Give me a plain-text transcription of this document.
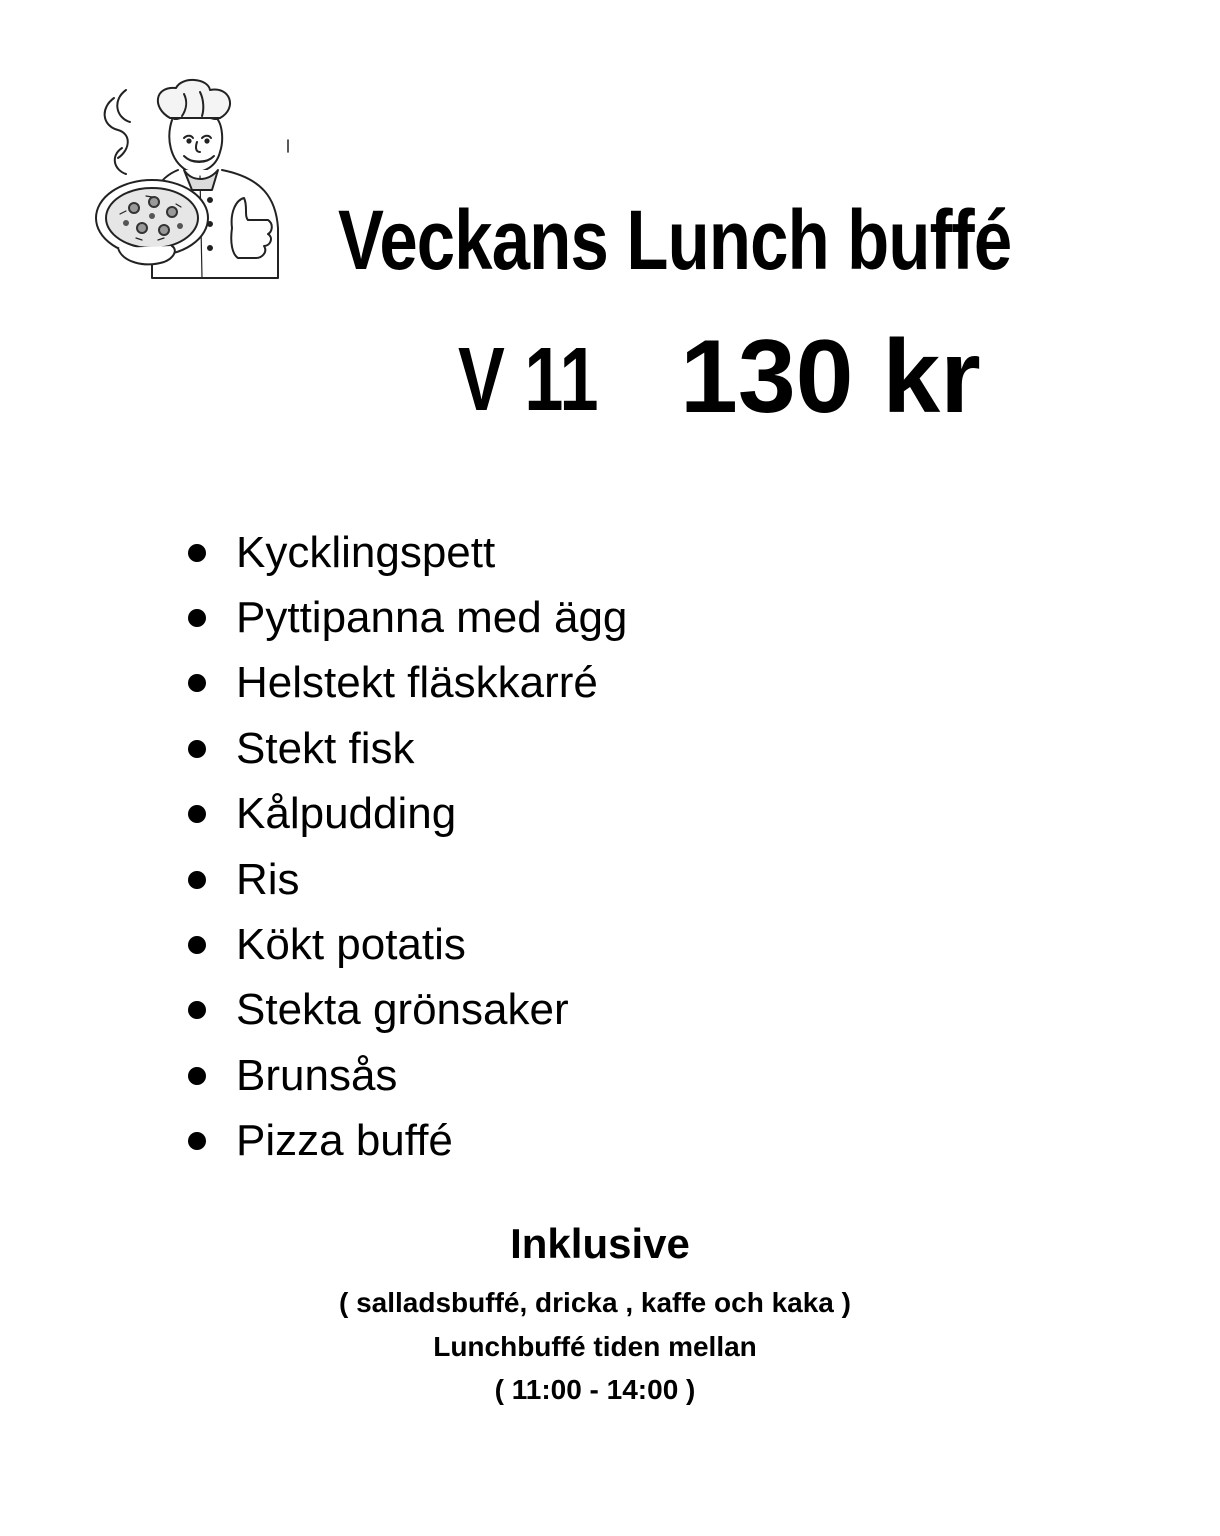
Veckans Lunch buffé
V 11 130 kr
Kycklingspett
Pyttipanna med ägg
Helstekt fläskkarré
Stekt fisk
Kålpudding
Ris
Kökt potatis
Stekta grönsaker
Brunsås
Pizza buffé
Inklusive
( salladsbuffé, dricka , kaffe och kaka )
Lunchbuffé tiden mellan
( 11:00 - 14:00 )
